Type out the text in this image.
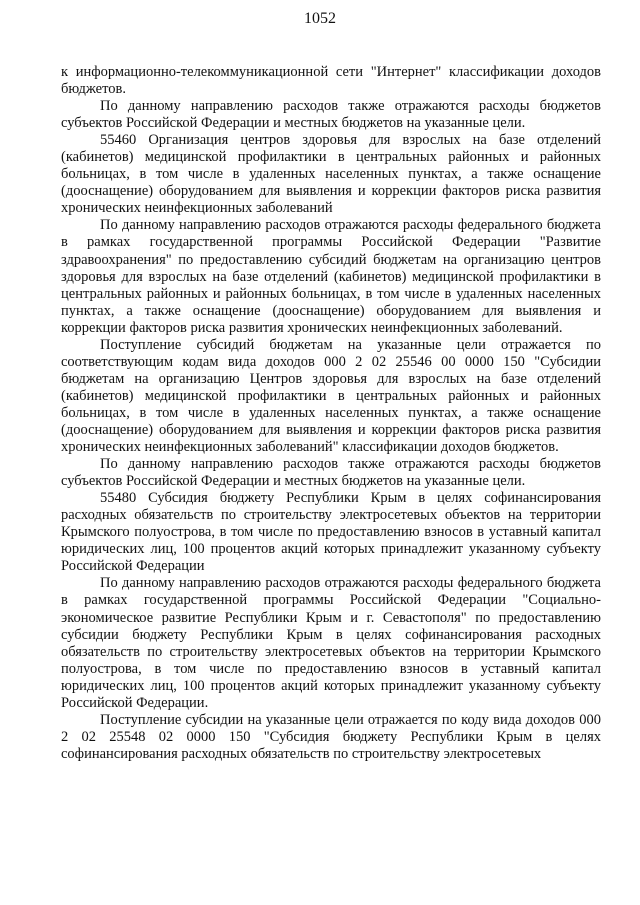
1052

к информационно-телекоммуникационной сети "Интернет" классификации доходов бюджетов.

По данному направлению расходов также отражаются расходы бюджетов субъектов Российской Федерации и местных бюджетов на указанные цели.

55460 Организация центров здоровья для взрослых на базе отделений (кабинетов) медицинской профилактики в центральных районных и районных больницах, в том числе в удаленных населенных пунктах, а также оснащение (дооснащение) оборудованием для выявления и коррекции факторов риска развития хронических неинфекционных заболеваний

По данному направлению расходов отражаются расходы федерального бюджета в рамках государственной программы Российской Федерации "Развитие здравоохранения" по предоставлению субсидий бюджетам на организацию центров здоровья для взрослых на базе отделений (кабинетов) медицинской профилактики в центральных районных и районных больницах, в том числе в удаленных населенных пунктах, а также оснащение (дооснащение) оборудованием для выявления и коррекции факторов риска развития хронических неинфекционных заболеваний.

Поступление субсидий бюджетам на указанные цели отражается по соответствующим кодам вида доходов 000 2 02 25546 00 0000 150 "Субсидии бюджетам на организацию Центров здоровья для взрослых на базе отделений (кабинетов) медицинской профилактики в центральных районных и районных больницах, в том числе в удаленных населенных пунктах, а также оснащение (дооснащение) оборудованием для выявления и коррекции факторов риска развития хронических неинфекционных заболеваний" классификации доходов бюджетов.

По данному направлению расходов также отражаются расходы бюджетов субъектов Российской Федерации и местных бюджетов на указанные цели.

55480 Субсидия бюджету Республики Крым в целях софинансирования расходных обязательств по строительству электросетевых объектов на территории Крымского полуострова, в том числе по предоставлению взносов в уставный капитал юридических лиц, 100 процентов акций которых принадлежит указанному субъекту Российской Федерации

По данному направлению расходов отражаются расходы федерального бюджета в рамках государственной программы Российской Федерации "Социально-экономическое развитие Республики Крым и г. Севастополя" по предоставлению субсидии бюджету Республики Крым в целях софинансирования расходных обязательств по строительству электросетевых объектов на территории Крымского полуострова, в том числе по предоставлению взносов в уставный капитал юридических лиц, 100 процентов акций которых принадлежит указанному субъекту Российской Федерации.

Поступление субсидии на указанные цели отражается по коду вида доходов 000 2 02 25548 02 0000 150 "Субсидия бюджету Республики Крым в целях софинансирования расходных обязательств по строительству электросетевых
